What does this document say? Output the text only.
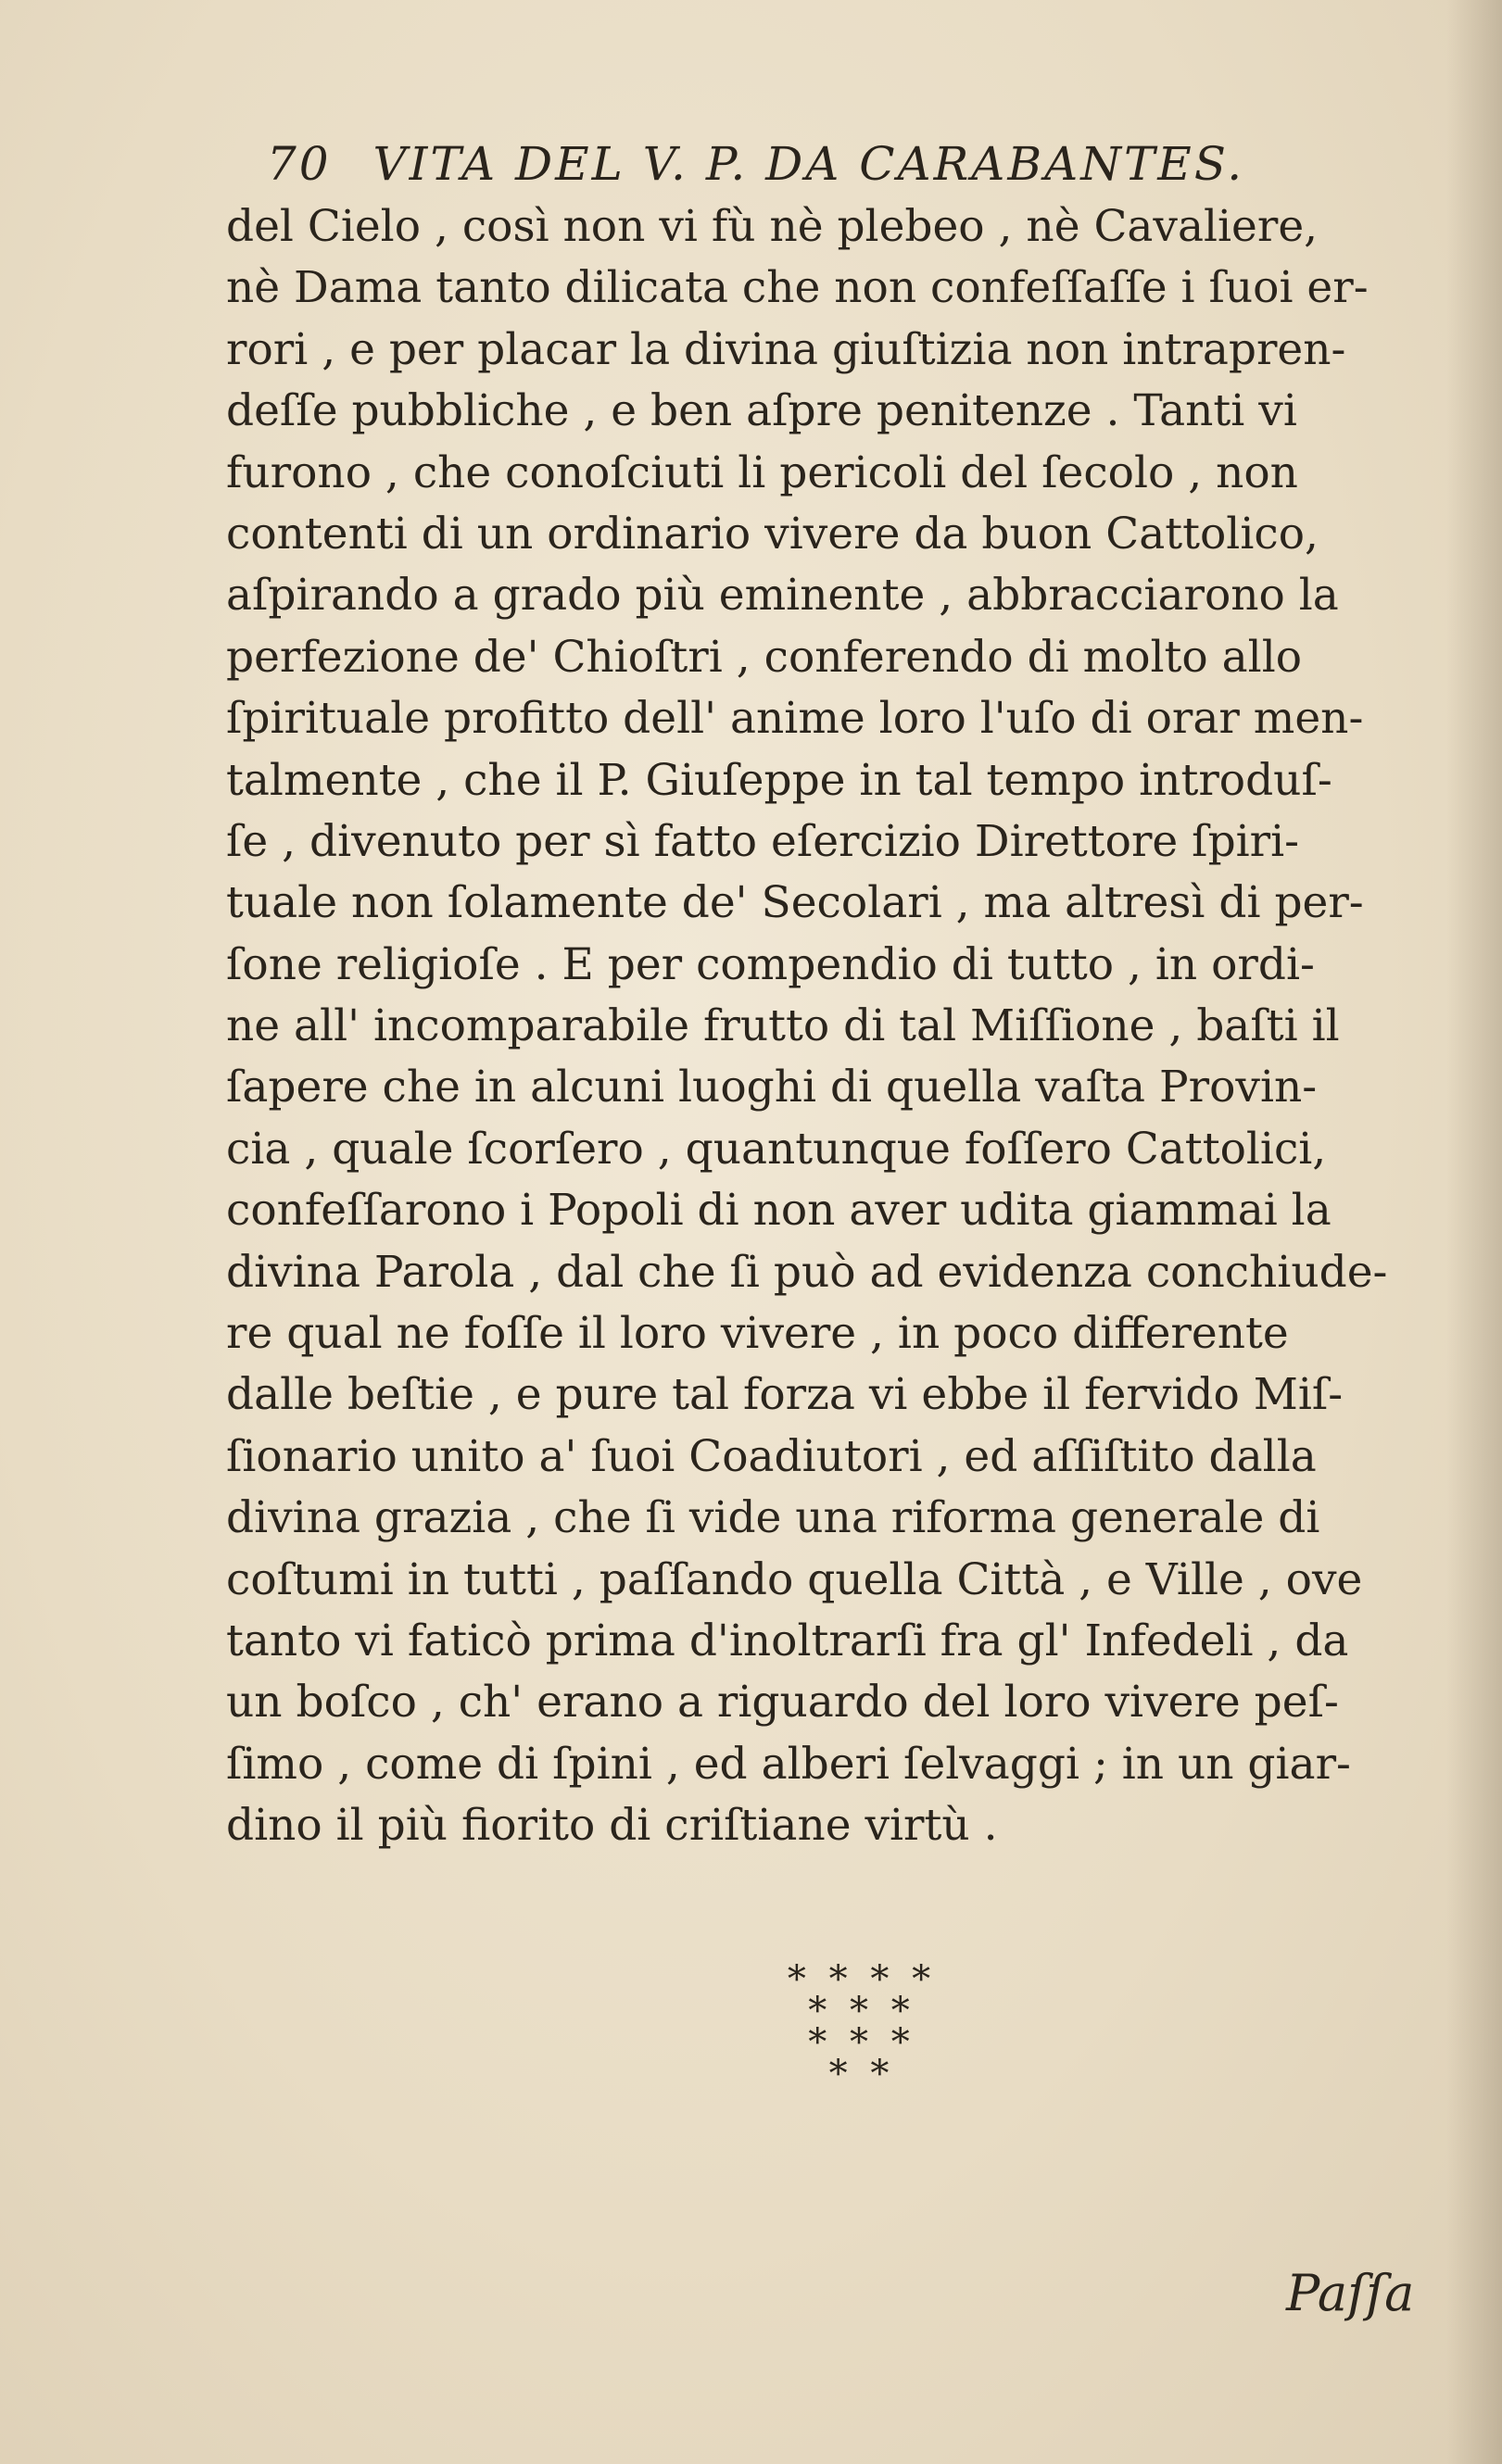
70 VITA DEL V. P. DA CARABANTES.
del Cielo , così non vi fù nè plebeo , nè Cavaliere,
nè Dama tanto dilicata che non confeſſaſſe i ſuoi er-
rori , e per placar la divina giuſtizia non intrapren-
deſſe pubbliche , e ben aſpre penitenze . Tanti vi
furono , che conoſciuti li pericoli del ſecolo , non
contenti di un ordinario vivere da buon Cattolico,
aſpirando a grado più eminente , abbracciarono la
perfezione de' Chioſtri , conferendo di molto allo
ſpirituale profitto dell' anime loro l'uſo di orar men-
talmente , che il P. Giuſeppe in tal tempo introduſ-
ſe , divenuto per sì fatto eſercizio Direttore ſpiri-
tuale non ſolamente de' Secolari , ma altresì di per-
ſone religioſe . E per compendio di tutto , in ordi-
ne all' incomparabile frutto di tal Miſſione , baſti il
ſapere che in alcuni luoghi di quella vaſta Provin-
cia , quale ſcorſero , quantunque foſſero Cattolici,
confeſſarono i Popoli di non aver udita giammai la
divina Parola , dal che ſi può ad evidenza conchiude-
re qual ne foſſe il loro vivere , in poco differente
dalle beſtie , e pure tal forza vi ebbe il fervido Miſ-
ſionario unito a' ſuoi Coadiutori , ed aſſiſtito dalla
divina grazia , che ſi vide una riforma generale di
coſtumi in tutti , paſſando quella Città , e Ville , ove
tanto vi faticò prima d'inoltrarſi fra gl' Infedeli , da
un boſco , ch' erano a riguardo del loro vivere peſ-
ſimo , come di ſpini , ed alberi ſelvaggi ; in un giar-
dino il più fiorito di criſtiane virtù .
* * * *
* * *
* * *
* *
Paſſa
